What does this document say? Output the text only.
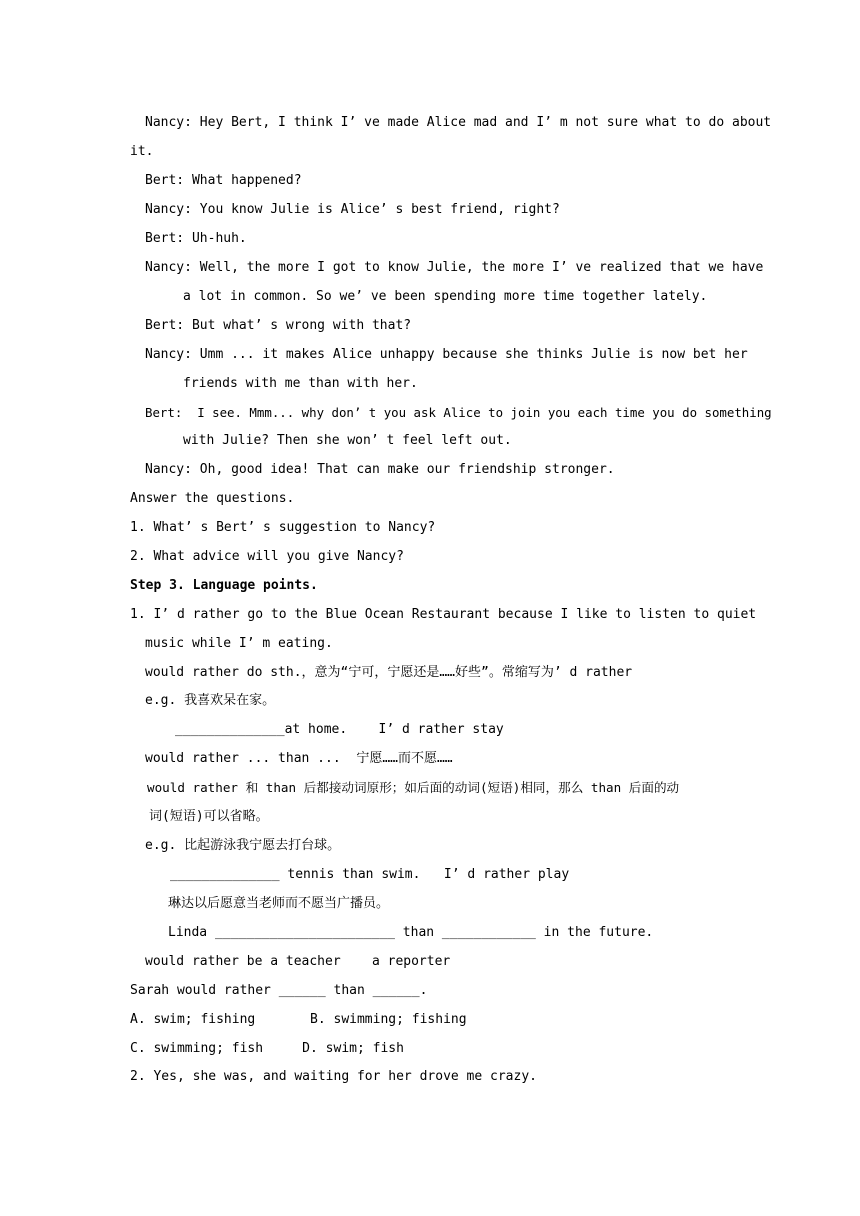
Nancy: Hey Bert, I think I’ ve made Alice mad and I’ m not sure what to do about
it.
Bert: What happened?
Nancy: You know Julie is Alice’ s best friend, right?
Bert: Uh-huh.
Nancy: Well, the more I got to know Julie, the more I’ ve realized that we have
a lot in common. So we’ ve been spending more time together lately.
Bert: But what’ s wrong with that?
Nancy: Umm ... it makes Alice unhappy because she thinks Julie is now bet her
friends with me than with her.
Bert:  I see. Mmm... why don’ t you ask Alice to join you each time you do something
with Julie? Then she won’ t feel left out.
Nancy: Oh, good idea! That can make our friendship stronger.
Answer the questions.
1. What’ s Bert’ s suggestion to Nancy?
2. What advice will you give Nancy?
Step 3. Language points.
1. I’ d rather go to the Blue Ocean Restaurant because I like to listen to quiet
music while I’ m eating.
would rather do sth.，意为“宁可，宁愿还是……好些”。常缩写为’ d rather
e.g. 我喜欢呆在家。
______________at home.    I’ d rather stay
would rather ... than ...  宁愿……而不愿……
would rather 和 than 后都接动词原形；如后面的动词(短语)相同，那么 than 后面的动
词(短语)可以省略。
e.g. 比起游泳我宁愿去打台球。
______________ tennis than swim.   I’ d rather play
琳达以后愿意当老师而不愿当广播员。
Linda _______________________ than ____________ in the future.
would rather be a teacher    a reporter
Sarah would rather ______ than ______.
A. swim; fishing       B. swimming; fishing
C. swimming; fish     D. swim; fish
2. Yes, she was, and waiting for her drove me crazy.
